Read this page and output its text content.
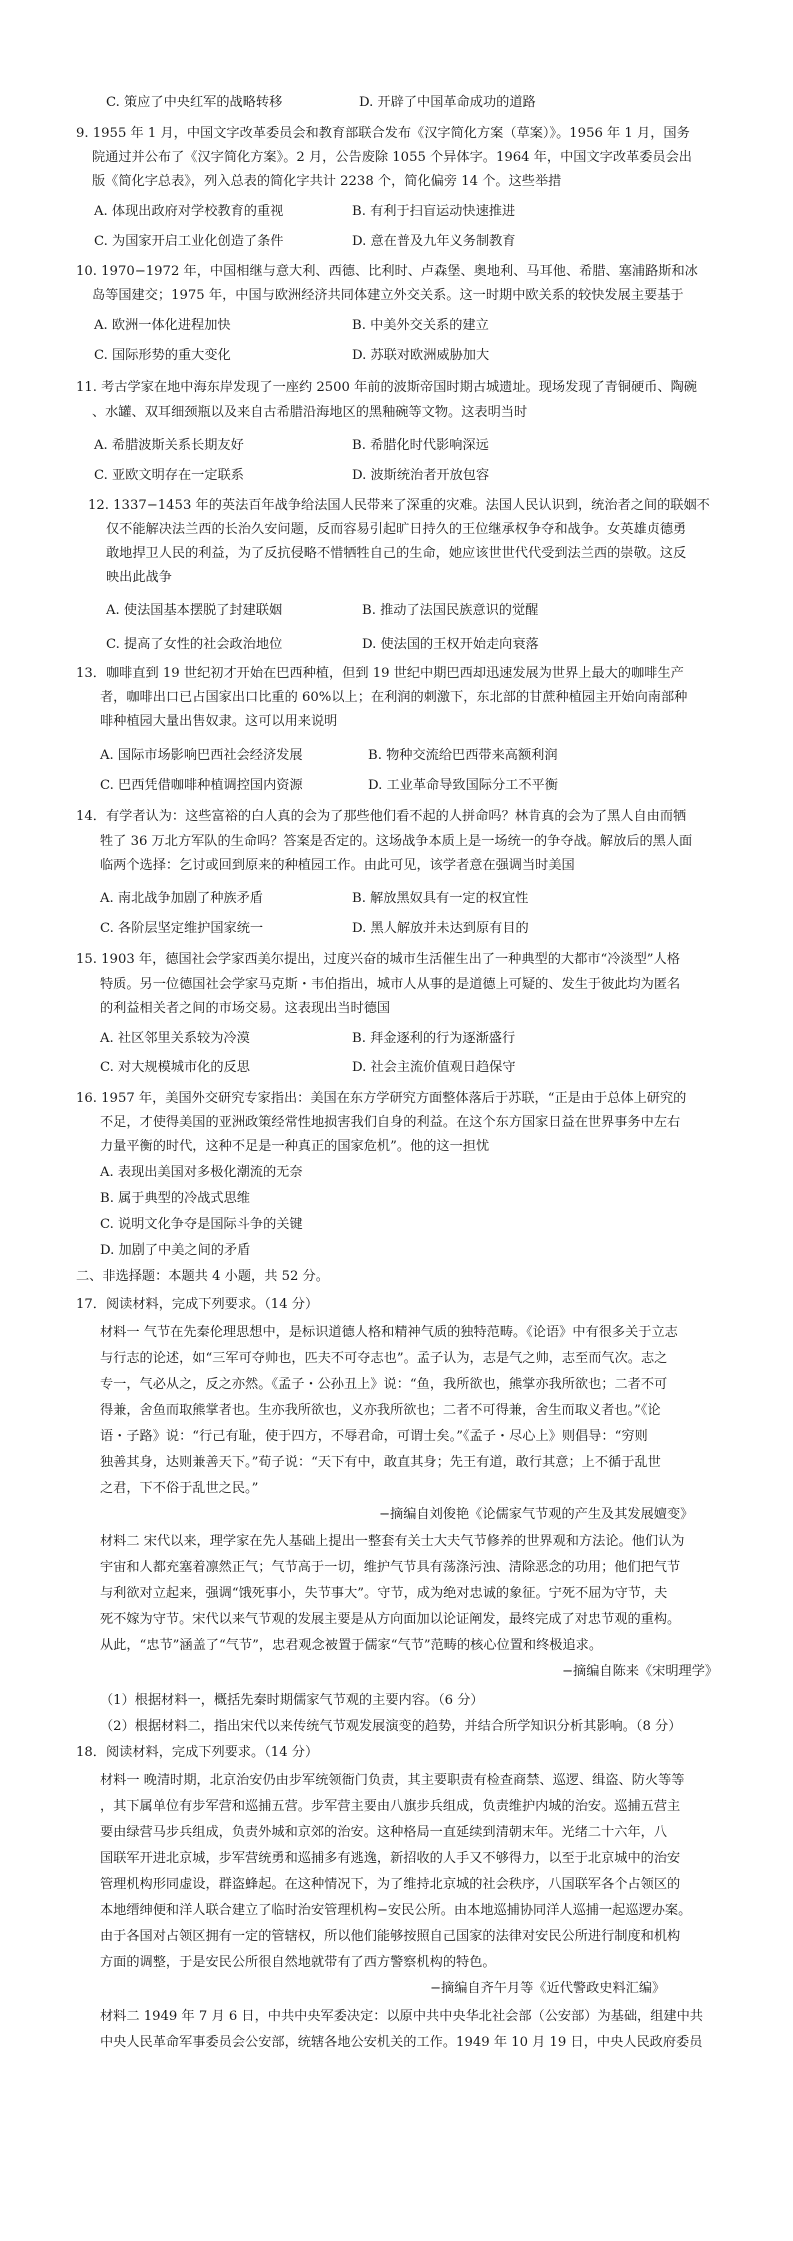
C. 策应了中央红军的战略转移	D. 开辟了中国革命成功的道路
9. 1955 年 1 月，中国文字改革委员会和教育部联合发布《汉字简化方案（草案）》。1956 年 1 月，国务
院通过并公布了《汉字简化方案》。2 月，公告废除 1055 个异体字。1964 年，中国文字改革委员会出
版《简化字总表》，列入总表的简化字共计 2238 个，简化偏旁 14 个。这些举措
A. 体现出政府对学校教育的重视	B. 有利于扫盲运动快速推进
C. 为国家开启工业化创造了条件	D. 意在普及九年义务制教育
10. 1970−1972 年，中国相继与意大利、西德、比利时、卢森堡、奥地利、马耳他、希腊、塞浦路斯和冰
岛等国建交；1975 年，中国与欧洲经济共同体建立外交关系。这一时期中欧关系的较快发展主要基于
A. 欧洲一体化进程加快	B. 中美外交关系的建立
C. 国际形势的重大变化	D. 苏联对欧洲威胁加大
11. 考古学家在地中海东岸发现了一座约 2500 年前的波斯帝国时期古城遗址。现场发现了青铜硬币、陶碗
、水罐、双耳细颈瓶以及来自古希腊沿海地区的黑釉碗等文物。这表明当时
A. 希腊波斯关系长期友好	B. 希腊化时代影响深远
C. 亚欧文明存在一定联系	D. 波斯统治者开放包容
12. 1337−1453 年的英法百年战争给法国人民带来了深重的灾难。法国人民认识到，统治者之间的联姻不
仅不能解决法兰西的长治久安问题，反而容易引起旷日持久的王位继承权争夺和战争。女英雄贞德勇
敢地捍卫人民的利益，为了反抗侵略不惜牺牲自己的生命，她应该世世代代受到法兰西的崇敬。这反
映出此战争
A. 使法国基本摆脱了封建联姻	B. 推动了法国民族意识的觉醒
C. 提高了女性的社会政治地位	D. 使法国的王权开始走向衰落
13．咖啡直到 19 世纪初才开始在巴西种植，但到 19 世纪中期巴西却迅速发展为世界上最大的咖啡生产
者，咖啡出口已占国家出口比重的 60%以上；在利润的刺激下，东北部的甘蔗种植园主开始向南部种
啡种植园大量出售奴隶。这可以用来说明
A. 国际市场影响巴西社会经济发展	B. 物种交流给巴西带来高额利润
C. 巴西凭借咖啡种植调控国内资源	D. 工业革命导致国际分工不平衡
14．有学者认为：这些富裕的白人真的会为了那些他们看不起的人拼命吗？林肯真的会为了黑人自由而牺
牲了 36 万北方军队的生命吗？答案是否定的。这场战争本质上是一场统一的争夺战。解放后的黑人面
临两个选择：乞讨或回到原来的种植园工作。由此可见，该学者意在强调当时美国
A. 南北战争加剧了种族矛盾	B. 解放黑奴具有一定的权宜性
C. 各阶层坚定维护国家统一	D. 黑人解放并未达到原有目的
15. 1903 年，德国社会学家西美尔提出，过度兴奋的城市生活催生出了一种典型的大都市“冷淡型”人格
特质。另一位德国社会学家马克斯・韦伯指出，城市人从事的是道德上可疑的、发生于彼此均为匿名
的利益相关者之间的市场交易。这表现出当时德国
A. 社区邻里关系较为冷漠	B. 拜金逐利的行为逐渐盛行
C. 对大规模城市化的反思	D. 社会主流价值观日趋保守
16. 1957 年，美国外交研究专家指出：美国在东方学研究方面整体落后于苏联，“正是由于总体上研究的
不足，才使得美国的亚洲政策经常性地损害我们自身的利益。在这个东方国家日益在世界事务中左右
力量平衡的时代，这种不足是一种真正的国家危机”。他的这一担忧
A. 表现出美国对多极化潮流的无奈
B. 属于典型的冷战式思维
C. 说明文化争夺是国际斗争的关键
D. 加剧了中美之间的矛盾
二、非选择题：本题共 4 小题，共 52 分。
17．阅读材料，完成下列要求。（14 分）
材料一 气节在先秦伦理思想中，是标识道德人格和精神气质的独特范畴。《论语》中有很多关于立志
与行志的论述，如“三军可夺帅也，匹夫不可夺志也”。孟子认为，志是气之帅，志至而气次。志之
专一，气必从之，反之亦然。《孟子・公孙丑上》说：“鱼，我所欲也，熊掌亦我所欲也；二者不可
得兼，舍鱼而取熊掌者也。生亦我所欲也，义亦我所欲也；二者不可得兼，舍生而取义者也。”《论
语・子路》说：“行己有耻，使于四方，不辱君命，可谓士矣。”《孟子・尽心上》则倡导：“穷则
独善其身，达则兼善天下。”荀子说：“天下有中，敢直其身；先王有道，敢行其意；上不循于乱世
之君，下不俗于乱世之民。”
−摘编自刘俊艳《论儒家气节观的产生及其发展嬗变》
材料二 宋代以来，理学家在先人基础上提出一整套有关士大夫气节修养的世界观和方法论。他们认为
宇宙和人都充塞着凛然正气；气节高于一切，维护气节具有荡涤污浊、清除恶念的功用；他们把气节
与利欲对立起来，强调“饿死事小，失节事大”。守节，成为绝对忠诚的象征。宁死不屈为守节，夫
死不嫁为守节。宋代以来气节观的发展主要是从方向面加以论证阐发，最终完成了对忠节观的重构。
从此，“忠节”涵盖了“气节”，忠君观念被置于儒家“气节”范畴的核心位置和终极追求。
−摘编自陈来《宋明理学》
（1）根据材料一，概括先秦时期儒家气节观的主要内容。（6 分）
（2）根据材料二，指出宋代以来传统气节观发展演变的趋势，并结合所学知识分析其影响。（8 分）
18．阅读材料，完成下列要求。（14 分）
材料一 晚清时期，北京治安仍由步军统领衙门负责，其主要职责有检查商禁、巡逻、缉盗、防火等等
，其下属单位有步军营和巡捕五营。步军营主要由八旗步兵组成，负责维护内城的治安。巡捕五营主
要由绿营马步兵组成，负责外城和京郊的治安。这种格局一直延续到清朝末年。光绪二十六年，八
国联军开进北京城，步军营统勇和巡捕多有逃逸，新招收的人手又不够得力，以至于北京城中的治安
管理机构形同虚设，群盗蜂起。在这种情况下，为了维持北京城的社会秩序，八国联军各个占领区的
本地缙绅便和洋人联合建立了临时治安管理机构−安民公所。由本地巡捕协同洋人巡捕一起巡逻办案。
由于各国对占领区拥有一定的管辖权，所以他们能够按照自己国家的法律对安民公所进行制度和机构
方面的调整，于是安民公所很自然地就带有了西方警察机构的特色。
−摘编自齐午月等《近代警政史料汇编》
材料二 1949 年 7 月 6 日，中共中央军委决定：以原中共中央华北社会部（公安部）为基础，组建中共
中央人民革命军事委员会公安部，统辖各地公安机关的工作。1949 年 10 月 19 日，中央人民政府委员
